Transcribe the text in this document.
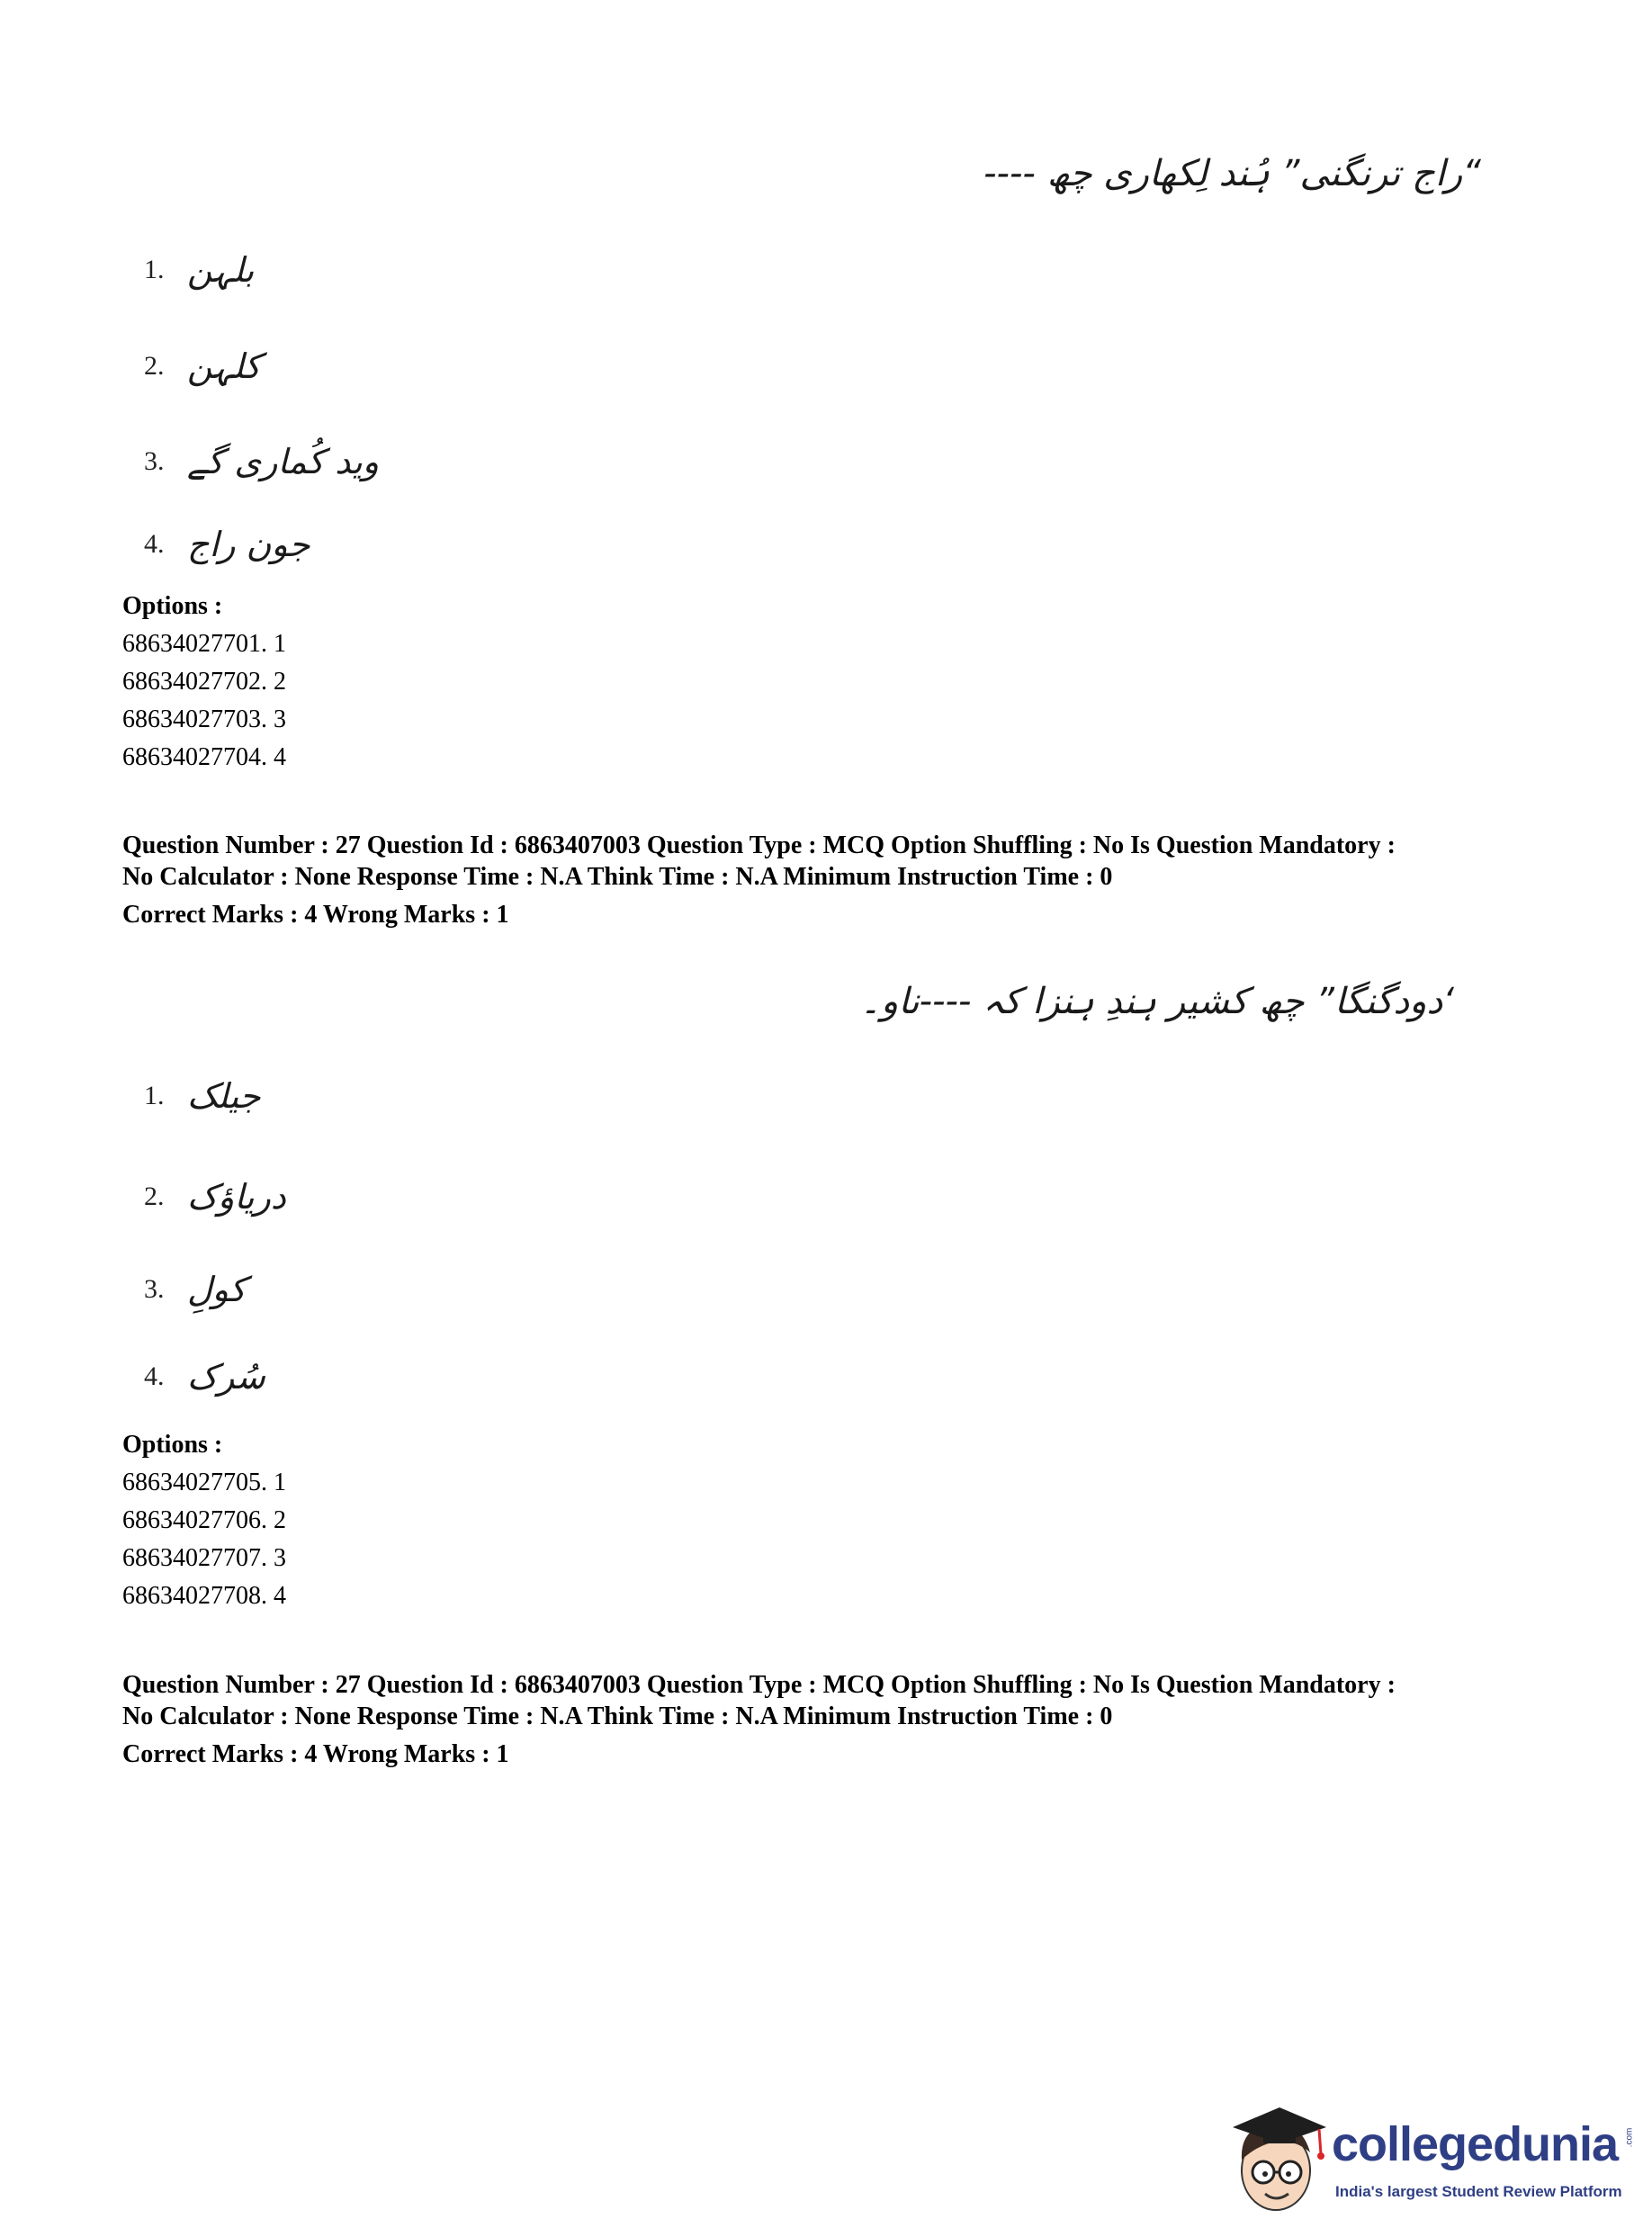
“راج ترنگنی” ہُند لِکھاری چھ ----
1. بلہن
2. کلہن
3. وید کُماری گے
4. جون راج
Options :
68634027701. 1
68634027702. 2
68634027703. 3
68634027704. 4
Question Number : 27 Question Id : 6863407003 Question Type : MCQ Option Shuffling : No Is Question Mandatory :
No Calculator : None Response Time : N.A Think Time : N.A Minimum Instruction Time : 0
Correct Marks : 4 Wrong Marks : 1
‘دودگنگا” چھ کشیر ہندِ ہنزا کہ ----ناو۔
1. جیلک
2. دریاؤک
3. کولِ
4. سُرک
Options :
68634027705. 1
68634027706. 2
68634027707. 3
68634027708. 4
Question Number : 27 Question Id : 6863407003 Question Type : MCQ Option Shuffling : No Is Question Mandatory :
No Calculator : None Response Time : N.A Think Time : N.A Minimum Instruction Time : 0
Correct Marks : 4 Wrong Marks : 1
collegedunia .com
India's largest Student Review Platform
